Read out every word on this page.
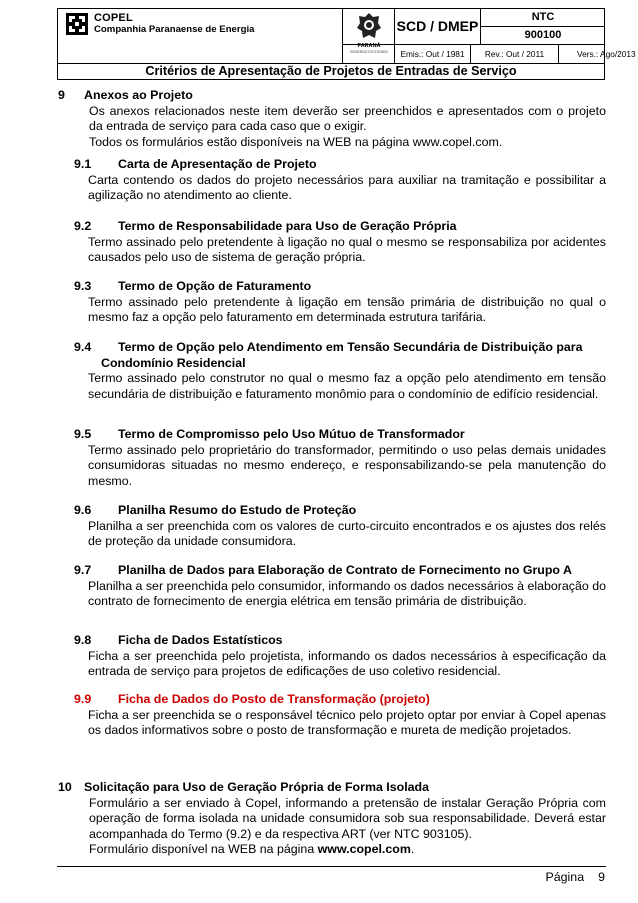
COPEL
Companhia Paranaense de Energia
PARANÁ
GOVERNO DO ESTADO
SCD / DMEP
NTC
900100
Emis.: Out / 1981	Rev.: Out / 2011	Vers.: Ago/2013
Critérios de Apresentação de Projetos de Entradas de Serviço
9 Anexos ao Projeto
Os anexos relacionados neste item deverão ser preenchidos e apresentados com o projeto da entrada de serviço para cada caso que o exigir.
Todos os formulários estão disponíveis na WEB na página www.copel.com.
9.1 Carta de Apresentação de Projeto
Carta contendo os dados do projeto necessários para auxiliar na tramitação e possibilitar a agilização no atendimento ao cliente.
9.2 Termo de Responsabilidade para Uso de Geração Própria
Termo assinado pelo pretendente à ligação no qual o mesmo se responsabiliza por acidentes causados pelo uso de sistema de geração própria.
9.3 Termo de Opção de Faturamento
Termo assinado pelo pretendente à ligação em tensão primária de distribuição no qual o mesmo faz a opção pelo faturamento em determinada estrutura tarifária.
9.4 Termo de Opção pelo Atendimento em Tensão Secundária de Distribuição para
Condomínio Residencial
Termo assinado pelo construtor no qual o mesmo faz a opção pelo atendimento em tensão secundária de distribuição e faturamento monômio para o condomínio de edifício residencial.
9.5 Termo de Compromisso pelo Uso Mútuo de Transformador
Termo assinado pelo proprietário do transformador, permitindo o uso pelas demais unidades consumidoras situadas no mesmo endereço, e responsabilizando-se pela manutenção do mesmo.
9.6 Planilha Resumo do Estudo de Proteção
Planilha a ser preenchida com os valores de curto-circuito encontrados e os ajustes dos relés de proteção da unidade consumidora.
9.7 Planilha de Dados para Elaboração de Contrato de Fornecimento no Grupo A
Planilha a ser preenchida pelo consumidor, informando os dados necessários à elaboração do contrato de fornecimento de energia elétrica em tensão primária de distribuição.
9.8 Ficha de Dados Estatísticos
Ficha a ser preenchida pelo projetista, informando os dados necessários à especificação da entrada de serviço para projetos de edificações de uso coletivo residencial.
9.9 Ficha de Dados do Posto de Transformação (projeto)
Ficha a ser preenchida se o responsável técnico pelo projeto optar por enviar à Copel apenas os dados informativos sobre o posto de transformação e mureta de medição projetados.
10 Solicitação para Uso de Geração Própria de Forma Isolada
Formulário a ser enviado à Copel, informando a pretensão de instalar Geração Própria com operação de forma isolada na unidade consumidora sob sua responsabilidade. Deverá estar acompanhada do Termo (9.2) e da respectiva ART (ver NTC 903105).
Formulário disponível na WEB na página www.copel.com.
Página 9
